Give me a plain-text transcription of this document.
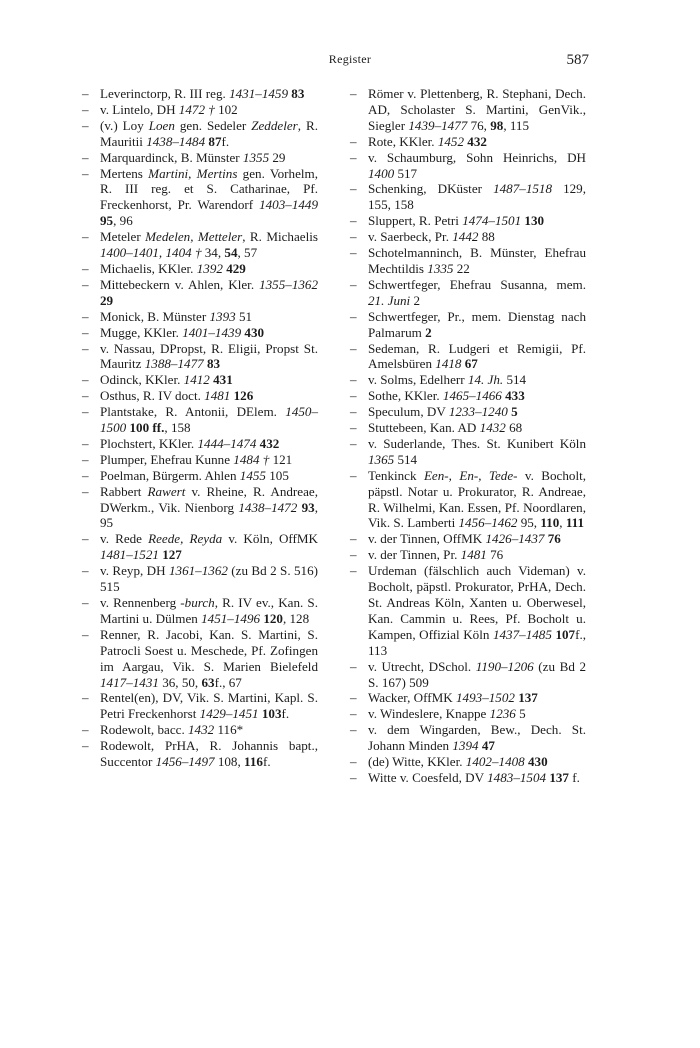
Register	587

– Leverinctorp, R. III reg. 1431–1459 83

– v. Lintelo, DH 1472 † 102

– (v.) Loy Loen gen. Sedeler Zeddeler, R. Mauritii 1438–1484 87f.

– Marquardinck, B. Münster 1355 29

– Mertens Martini, Mertins gen. Vorhelm, R. III reg. et S. Catharinae, Pf. Freckenhorst, Pr. Warendorf 1403–1449 95, 96

– Meteler Medelen, Metteler, R. Michaelis 1400–1401, 1404 † 34, 54, 57

– Michaelis, KKler. 1392 429

– Mittebeckern v. Ahlen, Kler. 1355–1362 29

– Monick, B. Münster 1393 51

– Mugge, KKler. 1401–1439 430

– v. Nassau, DPropst, R. Eligii, Propst St. Mauritz 1388–1477 83

– Odinck, KKler. 1412 431

– Osthus, R. IV doct. 1481 126

– Plantstake, R. Antonii, DElem. 1450–1500 100 ff., 158

– Plochstert, KKler. 1444–1474 432

– Plumper, Ehefrau Kunne 1484 † 121

– Poelman, Bürgerm. Ahlen 1455 105

– Rabbert Rawert v. Rheine, R. Andreae, DWerkm., Vik. Nienborg 1438–1472 93, 95

– v. Rede Reede, Reyda v. Köln, OffMK 1481–1521 127

– v. Reyp, DH 1361–1362 (zu Bd 2 S. 516) 515

– v. Rennenberg -burch, R. IV ev., Kan. S. Martini u. Dülmen 1451–1496 120, 128

– Renner, R. Jacobi, Kan. S. Martini, S. Patrocli Soest u. Meschede, Pf. Zofingen im Aargau, Vik. S. Marien Bielefeld 1417–1431 36, 50, 63f., 67

– Rentel(en), DV, Vik. S. Martini, Kapl. S. Petri Freckenhorst 1429–1451 103f.

– Rodewolt, bacc. 1432 116*

– Rodewolt, PrHA, R. Johannis bapt., Succentor 1456–1497 108, 116f.

– Römer v. Plettenberg, R. Stephani, Dech. AD, Scholaster S. Martini, GenVik., Siegler 1439–1477 76, 98, 115

– Rote, KKler. 1452 432

– v. Schaumburg, Sohn Heinrichs, DH 1400 517

– Schenking, DKüster 1487–1518 129, 155, 158

– Sluppert, R. Petri 1474–1501 130

– v. Saerbeck, Pr. 1442 88

– Schotelmanninch, B. Münster, Ehefrau Mechtildis 1335 22

– Schwertfeger, Ehefrau Susanna, mem. 21. Juni 2

– Schwertfeger, Pr., mem. Dienstag nach Palmarum 2

– Sedeman, R. Ludgeri et Remigii, Pf. Amelsbüren 1418 67

– v. Solms, Edelherr 14. Jh. 514

– Sothe, KKler. 1465–1466 433

– Speculum, DV 1233–1240 5

– Stuttebeen, Kan. AD 1432 68

– v. Suderlande, Thes. St. Kunibert Köln 1365 514

– Tenkinck Een-, En-, Tede- v. Bocholt, päpstl. Notar u. Prokurator, R. Andreae, R. Wilhelmi, Kan. Essen, Pf. Noordlaren, Vik. S. Lamberti 1456–1462 95, 110, 111

– v. der Tinnen, OffMK 1426–1437 76

– v. der Tinnen, Pr. 1481 76

– Urdeman (fälschlich auch Videman) v. Bocholt, päpstl. Prokurator, PrHA, Dech. St. Andreas Köln, Xanten u. Oberwesel, Kan. Cammin u. Rees, Pf. Bocholt u. Kampen, Offizial Köln 1437–1485 107f., 113

– v. Utrecht, DSchol. 1190–1206 (zu Bd 2 S. 167) 509

– Wacker, OffMK 1493–1502 137

– v. Windeslere, Knappe 1236 5

– v. dem Wingarden, Bew., Dech. St. Johann Minden 1394 47

– (de) Witte, KKler. 1402–1408 430

– Witte v. Coesfeld, DV 1483–1504 137 f.
